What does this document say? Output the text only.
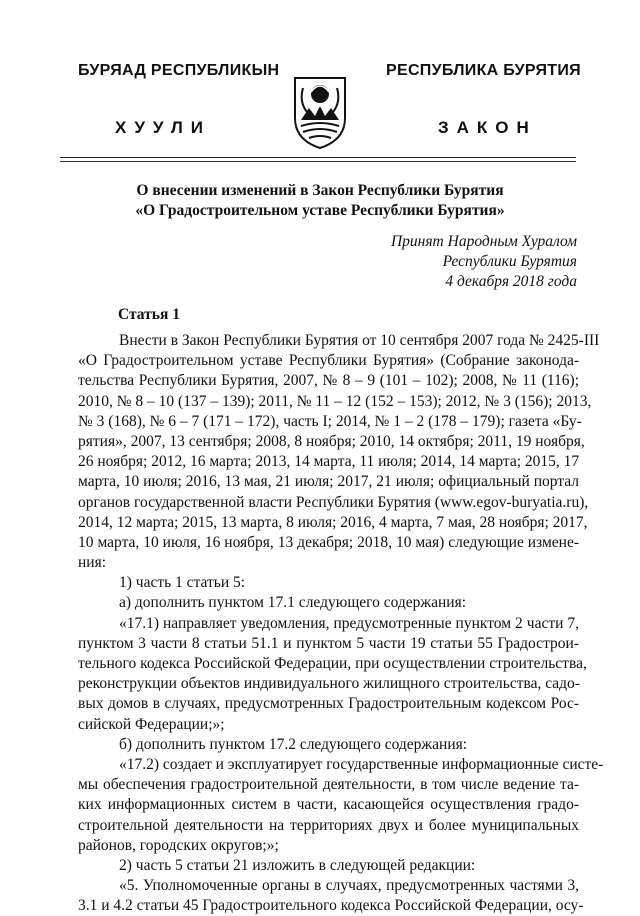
БУРЯАД РЕСПУБЛИКЫН	РЕСПУБЛИКА БУРЯТИЯ
ХУУЛИ	ЗАКОН
О внесении изменений в Закон Республики Бурятия
«О Градостроительном уставе Республики Бурятия»
Принят Народным Хуралом
Республики Бурятия
4 декабря 2018 года
Статья 1
Внести в Закон Республики Бурятия от 10 сентября 2007 года № 2425-III
«О Градостроительном уставе Республики Бурятия» (Собрание законода-
тельства Республики Бурятия, 2007, № 8 – 9 (101 – 102); 2008, № 11 (116);
2010, № 8 – 10 (137 – 139); 2011, № 11 – 12 (152 – 153); 2012, № 3 (156); 2013,
№ 3 (168), № 6 – 7 (171 – 172), часть I; 2014, № 1 – 2 (178 – 179); газета «Бу-
рятия», 2007, 13 сентября; 2008, 8 ноября; 2010, 14 октября; 2011, 19 ноября,
26 ноября; 2012, 16 марта; 2013, 14 марта, 11 июля; 2014, 14 марта; 2015, 17
марта, 10 июля; 2016, 13 мая, 21 июля; 2017, 21 июля; официальный портал
органов государственной власти Республики Бурятия (www.egov-buryatia.ru),
2014, 12 марта; 2015, 13 марта, 8 июля; 2016, 4 марта, 7 мая, 28 ноября; 2017,
10 марта, 10 июля, 16 ноября, 13 декабря; 2018, 10 мая) следующие измене-
ния:
1) часть 1 статьи 5:
а) дополнить пунктом 17.1 следующего содержания:
«17.1) направляет уведомления, предусмотренные пунктом 2 части 7,
пунктом 3 части 8 статьи 51.1 и пунктом 5 части 19 статьи 55 Градострои-
тельного кодекса Российской Федерации, при осуществлении строительства,
реконструкции объектов индивидуального жилищного строительства, садо-
вых домов в случаях, предусмотренных Градостроительным кодексом Рос-
сийской Федерации;»;
б) дополнить пунктом 17.2 следующего содержания:
«17.2) создает и эксплуатирует государственные информационные систе-
мы обеспечения градостроительной деятельности, в том числе ведение та-
ких информационных систем в части, касающейся осуществления градо-
строительной деятельности на территориях двух и более муниципальных
районов, городских округов;»;
2) часть 5 статьи 21 изложить в следующей редакции:
«5. Уполномоченные органы в случаях, предусмотренных частями 3,
3.1 и 4.2 статьи 45 Градостроительного кодекса Российской Федерации, осу-
